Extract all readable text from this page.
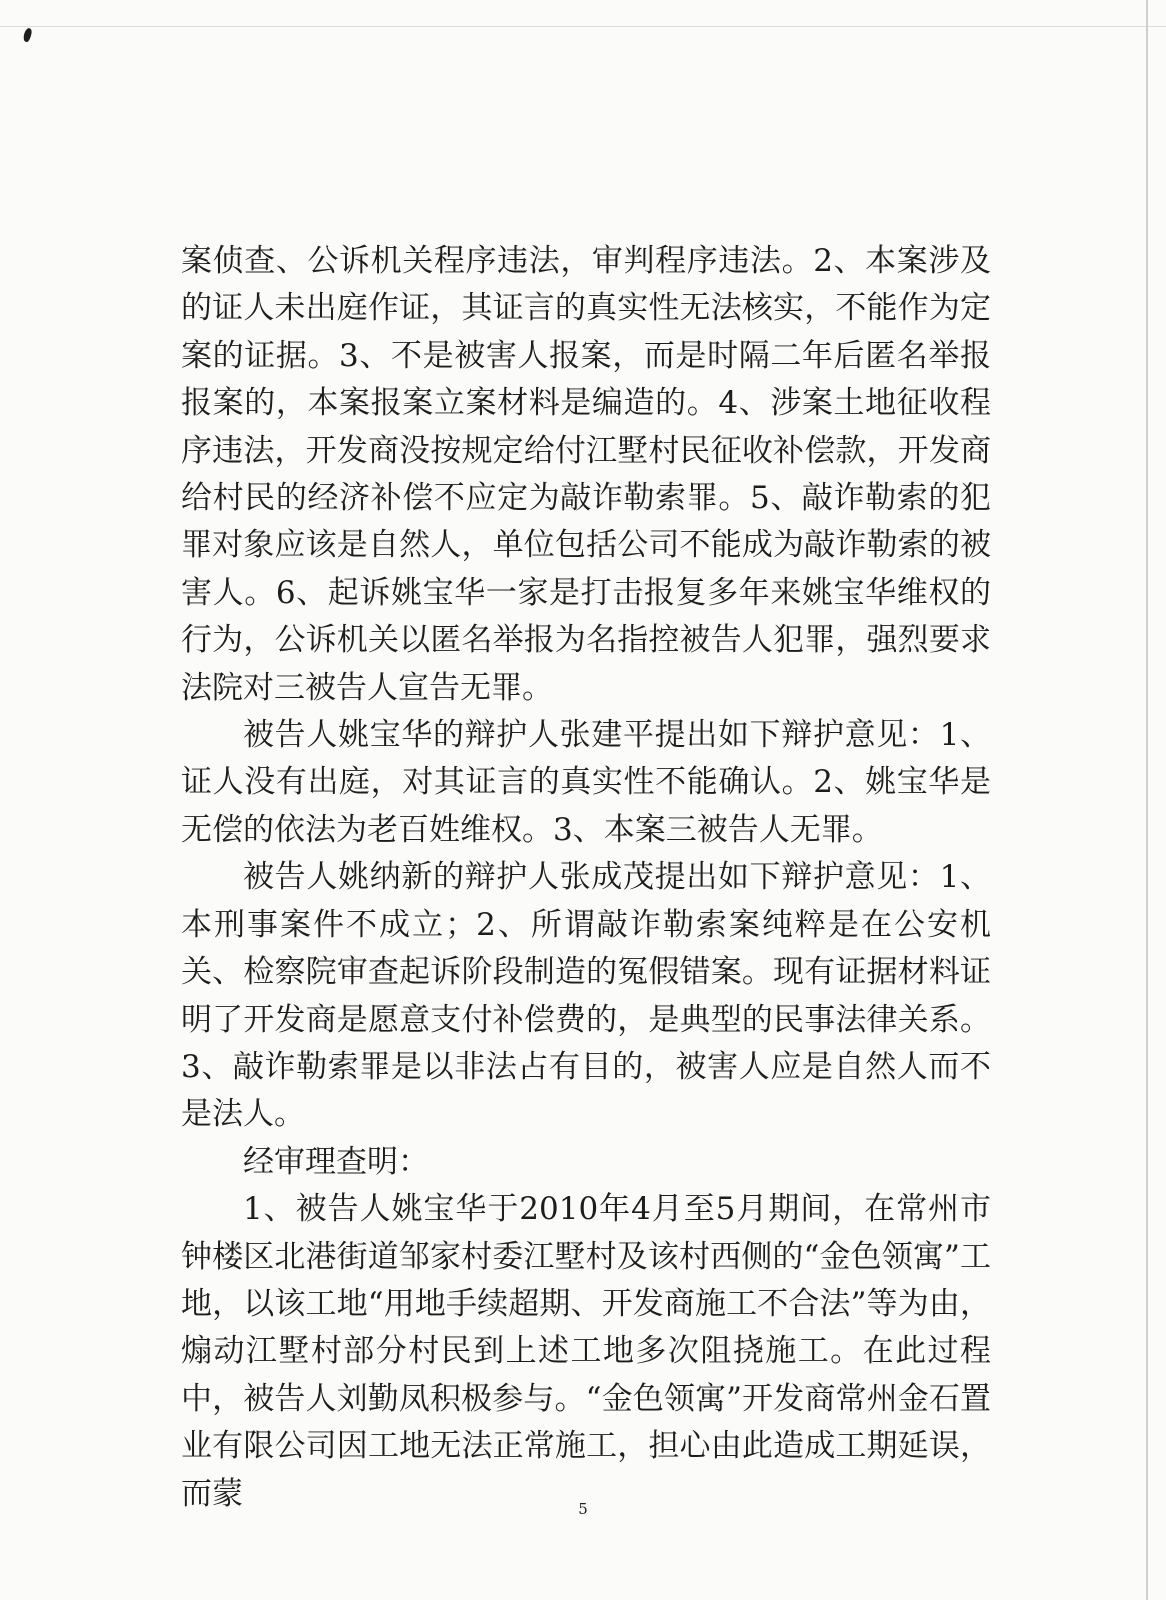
案侦查、公诉机关程序违法，审判程序违法。2、本案涉及的证人未出庭作证，其证言的真实性无法核实，不能作为定案的证据。3、不是被害人报案，而是时隔二年后匿名举报报案的，本案报案立案材料是编造的。4、涉案土地征收程序违法，开发商没按规定给付江墅村民征收补偿款，开发商给村民的经济补偿不应定为敲诈勒索罪。5、敲诈勒索的犯罪对象应该是自然人，单位包括公司不能成为敲诈勒索的被害人。6、起诉姚宝华一家是打击报复多年来姚宝华维权的行为，公诉机关以匿名举报为名指控被告人犯罪，强烈要求法院对三被告人宣告无罪。

被告人姚宝华的辩护人张建平提出如下辩护意见：1、证人没有出庭，对其证言的真实性不能确认。2、姚宝华是无偿的依法为老百姓维权。3、本案三被告人无罪。

被告人姚纳新的辩护人张成茂提出如下辩护意见：1、本刑事案件不成立；2、所谓敲诈勒索案纯粹是在公安机关、检察院审查起诉阶段制造的冤假错案。现有证据材料证明了开发商是愿意支付补偿费的，是典型的民事法律关系。3、敲诈勒索罪是以非法占有目的，被害人应是自然人而不是法人。

经审理查明：

1、被告人姚宝华于2010年4月至5月期间，在常州市钟楼区北港街道邹家村委江墅村及该村西侧的“金色领寓”工地，以该工地“用地手续超期、开发商施工不合法”等为由，煽动江墅村部分村民到上述工地多次阻挠施工。在此过程中，被告人刘勤凤积极参与。“金色领寓”开发商常州金石置业有限公司因工地无法正常施工，担心由此造成工期延误，而蒙	5
